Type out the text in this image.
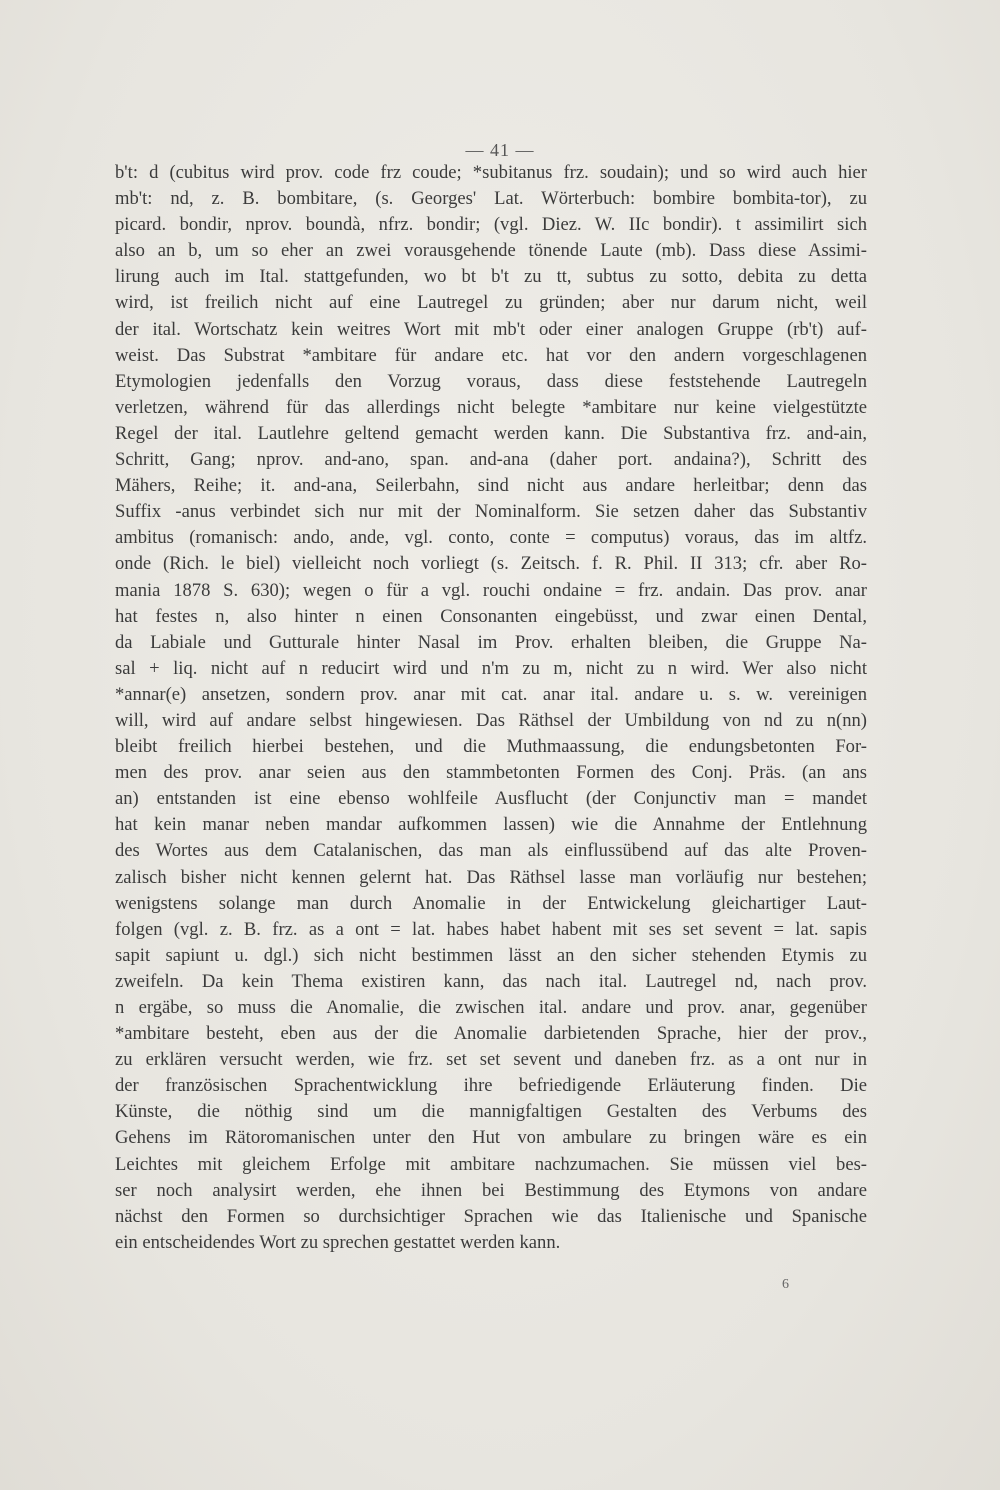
— 41 —
b't: d (cubitus wird prov. code frz coude; *subitanus frz. soudain); und so wird auch hier
mb't: nd, z. B. bombitare, (s. Georges' Lat. Wörterbuch: bombire bombita-tor), zu
picard. bondir, nprov. boundà, nfrz. bondir; (vgl. Diez. W. IIc bondir). t assimilirt sich
also an b, um so eher an zwei vorausgehende tönende Laute (mb). Dass diese Assimi-
lirung auch im Ital. stattgefunden, wo bt b't zu tt, subtus zu sotto, debita zu detta
wird, ist freilich nicht auf eine Lautregel zu gründen; aber nur darum nicht, weil
der ital. Wortschatz kein weitres Wort mit mb't oder einer analogen Gruppe (rb't) auf-
weist. Das Substrat *ambitare für andare etc. hat vor den andern vorgeschlagenen
Etymologien jedenfalls den Vorzug voraus, dass diese feststehende Lautregeln
verletzen, während für das allerdings nicht belegte *ambitare nur keine vielgestützte
Regel der ital. Lautlehre geltend gemacht werden kann. Die Substantiva frz. and-ain,
Schritt, Gang; nprov. and-ano, span. and-ana (daher port. andaina?), Schritt des
Mähers, Reihe; it. and-ana, Seilerbahn, sind nicht aus andare herleitbar; denn das
Suffix -anus verbindet sich nur mit der Nominalform. Sie setzen daher das Substantiv
ambitus (romanisch: ando, ande, vgl. conto, conte = computus) voraus, das im altfz.
onde (Rich. le biel) vielleicht noch vorliegt (s. Zeitsch. f. R. Phil. II 313; cfr. aber Ro-
mania 1878 S. 630); wegen o für a vgl. rouchi ondaine = frz. andain. Das prov. anar
hat festes n, also hinter n einen Consonanten eingebüsst, und zwar einen Dental,
da Labiale und Gutturale hinter Nasal im Prov. erhalten bleiben, die Gruppe Na-
sal + liq. nicht auf n reducirt wird und n'm zu m, nicht zu n wird. Wer also nicht
*annar(e) ansetzen, sondern prov. anar mit cat. anar ital. andare u. s. w. vereinigen
will, wird auf andare selbst hingewiesen. Das Räthsel der Umbildung von nd zu n(nn)
bleibt freilich hierbei bestehen, und die Muthmaassung, die endungsbetonten For-
men des prov. anar seien aus den stammbetonten Formen des Conj. Präs. (an ans
an) entstanden ist eine ebenso wohlfeile Ausflucht (der Conjunctiv man = mandet
hat kein manar neben mandar aufkommen lassen) wie die Annahme der Entlehnung
des Wortes aus dem Catalanischen, das man als einflussübend auf das alte Proven-
zalisch bisher nicht kennen gelernt hat. Das Räthsel lasse man vorläufig nur bestehen;
wenigstens solange man durch Anomalie in der Entwickelung gleichartiger Laut-
folgen (vgl. z. B. frz. as a ont = lat. habes habet habent mit ses set sevent = lat. sapis
sapit sapiunt u. dgl.) sich nicht bestimmen lässt an den sicher stehenden Etymis zu
zweifeln. Da kein Thema existiren kann, das nach ital. Lautregel nd, nach prov.
n ergäbe, so muss die Anomalie, die zwischen ital. andare und prov. anar, gegenüber
*ambitare besteht, eben aus der die Anomalie darbietenden Sprache, hier der prov.,
zu erklären versucht werden, wie frz. set set sevent und daneben frz. as a ont nur in
der französischen Sprachentwicklung ihre befriedigende Erläuterung finden. Die
Künste, die nöthig sind um die mannigfaltigen Gestalten des Verbums des
Gehens im Rätoromanischen unter den Hut von ambulare zu bringen wäre es ein
Leichtes mit gleichem Erfolge mit ambitare nachzumachen. Sie müssen viel bes-
ser noch analysirt werden, ehe ihnen bei Bestimmung des Etymons von andare
nächst den Formen so durchsichtiger Sprachen wie das Italienische und Spanische
ein entscheidendes Wort zu sprechen gestattet werden kann.
6
